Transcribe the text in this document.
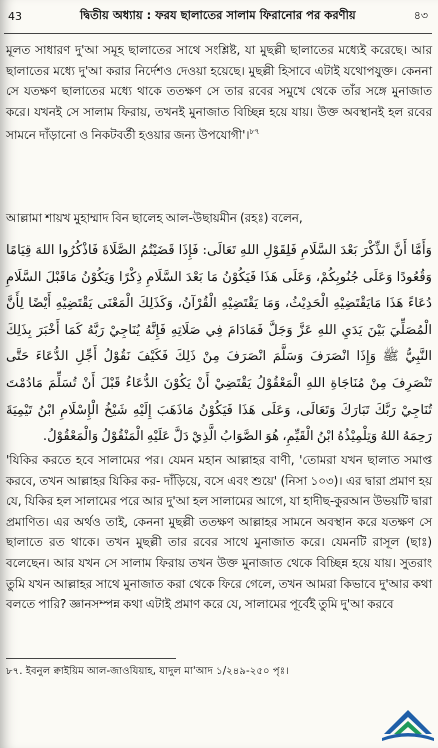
43	দ্বিতীয় অধ্যায় : ফরয ছালাতের সালাম ফিরানোর পর করণীয়	৪৩
মূলত সাধারণ দু'আ সমূহ ছালাতের সাথে সংশ্লিষ্ট, যা মুছল্লী ছালাতের মধ্যেই করেছে। আর ছালাতের মধ্যে দু'আ করার নির্দেশও দেওয়া হয়েছে। মুছল্লী হিসাবে এটাই যথোপযুক্ত। কেননা সে যতক্ষণ ছালাতের মধ্যে থাকে ততক্ষণ সে তার রবের সমুখে থেকে তাঁর সঙ্গে মুনাজাত করে। যখনই সে সালাম ফিরায়, তখনই মুনাজাত বিচ্ছিন্ন হয়ে যায়। উক্ত অবস্থানই হল রবের সামনে দাঁড়ানো ও নিকটবর্তী হওয়ার জন্য উপযোগী'।$^{৮৭}$
আল্লামা শায়খ মুহাম্মাদ বিন ছালেহ আল-উছায়মীন (রহঃ) বলেন,
وَأَمَّا أَنَّ الذِّكْرَ بَعْدَ السَّلَامِ فَلِقَوْلِ اللهِ تَعَالَى: فَإِذَا قَضَيْتُمُ الصَّلَاةَ فَاذْكُرُوا اللهَ قِيَامًا وَقُعُودًا وَعَلَى جُنُوبِكُمْ، وَعَلَى هَذَا فَيَكُوْنُ مَا بَعْدَ السَّلَامِ ذِكْرًا وَيَكُوْنُ مَاقَبْلَ السَّلَامِ دُعَاءً هَذَا مَايَقْتَضِيْهِ الْحَدِيْثُ، وَمَا يَقْتَضِيْهِ الْقُرْآنُ، وَكَذَلِكَ الْمَعْنَى يَقْتَضِيْهِ أَيْضًا لِأَنَّ الْمُصَلِّيَ بَيْنَ يَدَيِ اللهِ عَزَّ وَجَلَّ فَمَادَامَ فِي صَلَاتِهِ فَإِنَّهُ يُنَاجِيْ رَبَّهُ كَمَا أَخْبَرَ بِذَلِكَ النَّبِيُّ ﷺ وَإِذَا انْصَرَفَ وَسَلَّمَ انْصَرَفَ مِنْ ذَلِكَ فَكَيْفَ نَقُوْلُ أَجِّلِ الدُّعَاءَ حَتَّى تَنْصَرِفَ مِنْ مُنَاجَاةِ اللهِ الْمَعْقُوْلُ يَقْتَضِيْ أَنْ يَكُوْنَ الدُّعَاءُ قَبْلَ أَنْ تُسَلِّمَ مَادُمْتَ تُنَاجِيْ رَبَّكَ تَبَارَكَ وَتَعَالَى، وَعَلَى هَذَا فَيَكُوْنُ مَاذَهَبَ إِلَيْهِ شَيْخُ الْإِسْلَامِ ابْنُ تَيْمِيَةَ رَحِمَهُ اللهُ وَتِلْمِيْذُهُ ابْنُ الْقَيِّمِ، هُوَ الصَّوَابُ الَّذِيْ دَلَّ عَلَيْهِ الْمَنْقُوْلُ وَالْمَعْقُوْلُ.
'যিকির করতে হবে সালামের পর। যেমন মহান আল্লাহর বাণী, 'তোমরা যখন ছালাত সমাপ্ত করবে, তখন আল্লাহর যিকির কর- দাঁড়িয়ে, বসে এবং শুয়ে' (নিসা ১০৩)। এর দ্বারা প্রমাণ হয় যে, যিকির হল সালামের পরে আর দু'আ হল সালামের আগে, যা হাদীছ-কুরআন উভয়টি দ্বারা প্রমাণিত। এর অর্থও তাই, কেননা মুছল্লী ততক্ষণ আল্লাহর সামনে অবস্থান করে যতক্ষণ সে ছালাতে রত থাকে। তখন মুছল্লী তার রবের সাথে মুনাজাত করে। যেমনটি রাসূল (ছাঃ) বলেছেন। আর যখন সে সালাম ফিরায় তখন উক্ত মুনাজাত থেকে বিচ্ছিন্ন হয়ে যায়। সুতরাং তুমি যখন আল্লাহর সাথে মুনাজাত করা থেকে ফিরে গেলে, তখন আমরা কিভাবে দু'আর কথা বলতে পারি? জ্ঞানসম্পন্ন কথা এটাই প্রমাণ করে যে, সালামের পূর্বেই তুমি দু'আ করবে
৮৭. ইবনুল ক্বাইয়িম আল-জাওযিয়াহ, যাদুল মা'আদ ১/২৪৯-২৫০ পৃঃ।
